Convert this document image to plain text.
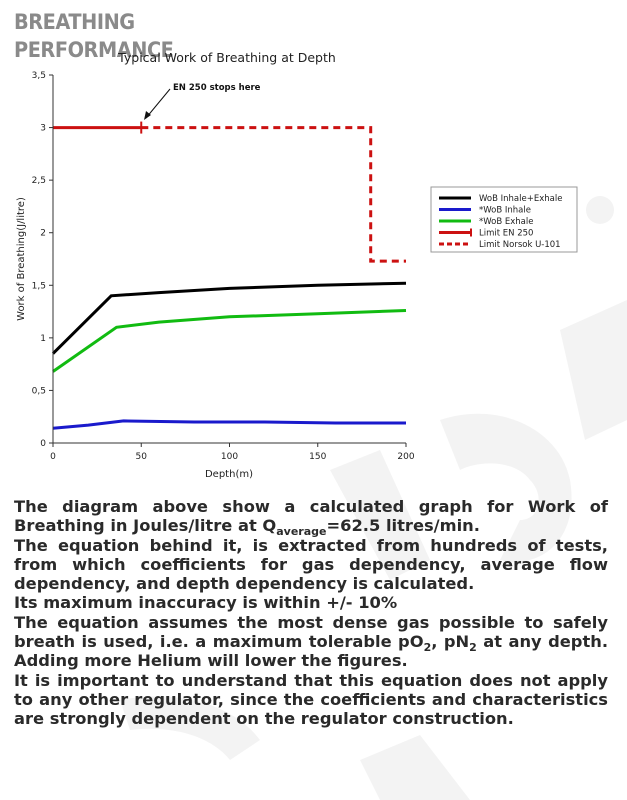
BREATHING PERFORMANCE
Typical Work of Breathing at Depth
0	50	100	150	200
0
0,5
1
1,5
2
2,5
3
3,5
Depth(m)
Work of Breathing(J/litre)
EN 250 stops here
WoB Inhale+Exhale
*WoB Inhale
*WoB Exhale
Limit EN 250
Limit Norsok U-101

The diagram above show a calculated graph for Work of Breathing in Joules/litre at $Q_{average}=62.5$ litres/min.

The equation behind it, is extracted from hundreds of tests, from which coefficients for gas dependency, average flow dependency, and depth dependency is calculated.

Its maximum inaccuracy is within +/- 10%

The equation assumes the most dense gas possible to safely breath is used, i.e. a maximum tolerable $pO_2$, $pN_2$ at any depth. Adding more Helium will lower the figures.

It is important to understand that this equation does not apply to any other regulator, since the coefficients and characteristics are strongly dependent on the regulator construction.
